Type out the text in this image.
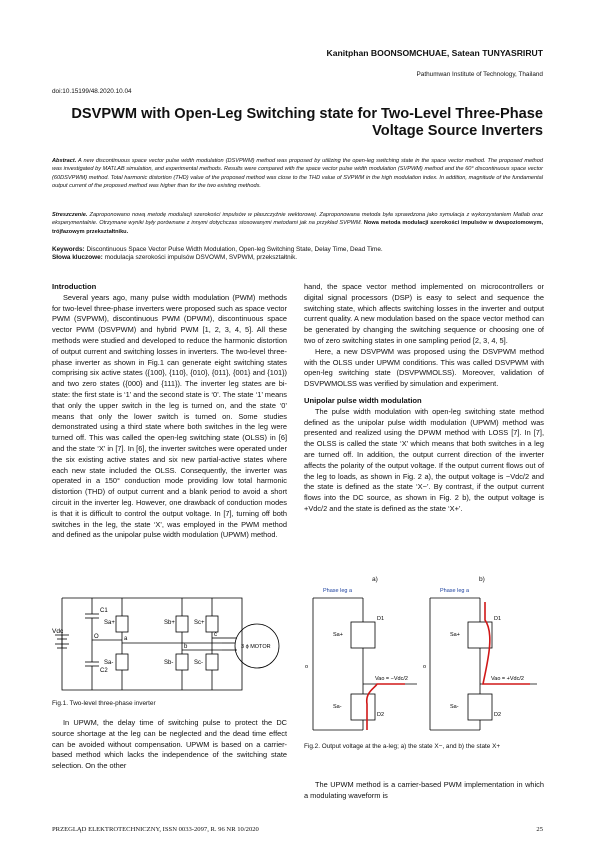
Kanitphan BOONSOMCHUAE, Satean TUNYASRIRUT
Pathumwan Institute of Technology, Thailand
doi:10.15199/48.2020.10.04
DSVPWM with Open-Leg Switching state for Two-Level Three-Phase Voltage Source Inverters
Abstract. A new discontinuous space vector pulse width modulation (DSVPWM) method was proposed by utilizing the open-leg switching state in the space vector method. The proposed method was investigated by MATLAB simulation, and experimental methods. Results were compared with the space vector pulse width modulation (SVPWM) method and the 60° discontinuous space vector (60DSVPWM) method. Total harmonic distortion (THD) value of the proposed method was close to the THD value of SVPWM in the high modulation index. In addition, magnitude of the fundamental output current of the proposed method was higher than for the two existing methods.
Streszczenie. Zaproponowano nową metodę modulacji szerokości impulsów w płaszczyźnie wektorowej. Zaproponowana metoda była sprawdzona jako symulacja z wykorzystaniem Matlab oraz eksperymentalnie. Otrzymane wyniki były porównane z innymi dotychczas stosowanymi metodami jak na przykład SVPWM. Nowa metoda modulacji szerokości impulsów w dwupoziomowym, trójfazowym przekształtniku.
Keywords: Discontinuous Space Vector Pulse Width Modulation, Open-leg Switching State, Delay Time, Dead Time.
Słowa kluczowe: modulacja szerokości impulsów DSVOWM, SVPWM, przekształtnik.
Introduction

Several years ago, many pulse width modulation (PWM) methods for two-level three-phase inverters were proposed such as space vector PWM (SVPWM), discontinuous PWM (DPWM), discontinuous space vector PWM (DSVPWM) and hybrid PWM [1, 2, 3, 4, 5]. All these methods were studied and developed to reduce the harmonic distortion of output current and switching losses in inverters. The two-level three-phase inverter as shown in Fig.1 can generate eight switching states comprising six active states ({100}, {110}, {010}, {011}, {001} and {101}) and two zero states ({000} and {111}). The inverter leg states are bi-state: the first state is ‘1’ and the second state is ‘0’. The state ‘1’ means that only the upper switch in the leg is turned on, and the state ‘0’ means that only the lower switch is turned on. Some studies demonstrated using a third state where both switches in the leg were turned off. This was called the open-leg switching state (OLSS) in [6] and the state ‘X’ in [7]. In [6], the inverter switches were operated under the six existing active states and six new partial-active states where each new state included the OLSS. Consequently, the inverter was operated in a 150° conduction mode providing low total harmonic distortion (THD) of output current and a blank period to avoid a short circuit in the inverter leg. However, one drawback of conduction modes is that it is difficult to control the output voltage. In [7], turning off both switches in the leg, the state ‘X’, was employed in the PWM method and defined as the unipolar pulse width modulation (UPWM) method.

Vdc
C1
C2
O
Sa+	Sb+	Sc+
Sa-	Sb-	Sc-
a
b
c
3 ϕ MOTOR
Fig.1. Two-level three-phase inverter

In UPWM, the delay time of switching pulse to protect the DC source shortage at the leg can be neglected and the dead time effect can be avoided without compensation. UPWM is based on a carrier-based method which lacks the independence of the switching state selection. On the other

hand, the space vector method implemented on microcontrollers or digital signal processors (DSP) is easy to select and sequence the switching state, which affects switching losses in the inverter and output current quality. A new modulation based on the space vector method can be generated by changing the switching sequence or choosing one of two of zero switching states in one sampling period [2, 3, 4, 5].

Here, a new DSVPWM was proposed using the DSVPWM method with the OLSS under UPWM conditions. This was called DSVPWM with open-leg switching state (DSVPWMOLSS). Moreover, validation of DSVPWMOLSS was verified by simulation and experiment.

Unipolar pulse width modulation

The pulse width modulation with open-leg switching state method defined as the unipolar pulse width modulation (UPWM) method was presented and realized using the DPWM method with LOSS [7]. In [7], the OLSS is called the state ‘X’ which means that both switches in a leg are turned off. In addition, the output current direction of the inverter affects the polarity of the output voltage. If the output current flows out of the leg to loads, as shown in Fig. 2 a), the output voltage is −Vdc/2 and the state is defined as the state ‘X−’. By contrast, if the output current flows into the DC source, as shown in Fig. 2 b), the output voltage is +Vdc/2 and the state is defined as the state ‘X+’.

a)	b)
Phase leg a	Phase leg a
Sa+
Sa-
Sa+
Sa-
D1
D2
D1
D2
o	o
Vao = −Vdc/2	Vao = +Vdc/2
Fig.2. Output voltage at the a-leg; a) the state X−, and b) the state X+

The UPWM method is a carrier-based PWM implementation in which a modulating waveform is

PRZEGLĄD ELEKTROTECHNICZNY, ISSN 0033-2097, R. 96 NR 10/2020	25
